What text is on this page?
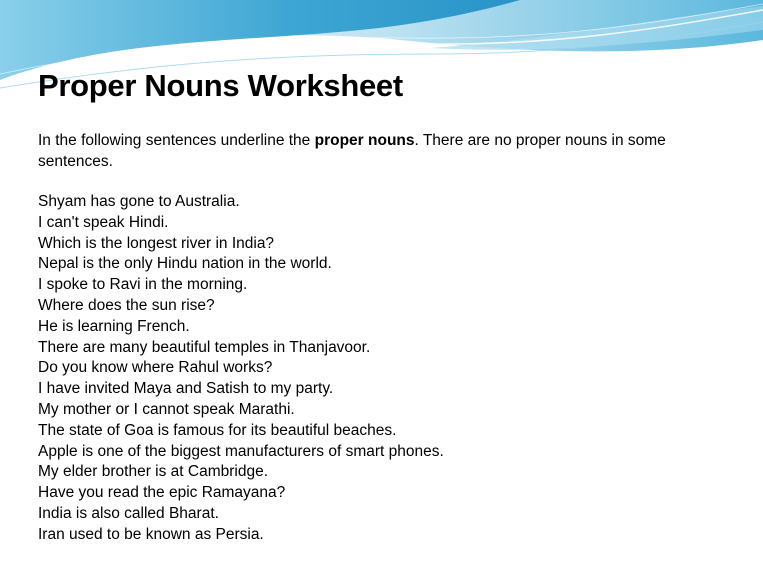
Proper Nouns Worksheet
In the following sentences underline the proper nouns. There are no proper nouns in some sentences.
Shyam has gone to Australia.
I can't speak Hindi.
Which is the longest river in India?
Nepal is the only Hindu nation in the world.
I spoke to Ravi in the morning.
Where does the sun rise?
He is learning French.
There are many beautiful temples in Thanjavoor.
Do you know where Rahul works?
I have invited Maya and Satish to my party.
My mother or I cannot speak Marathi.
The state of Goa is famous for its beautiful beaches.
Apple is one of the biggest manufacturers of smart phones.
My elder brother is at Cambridge.
Have you read the epic Ramayana?
India is also called Bharat.
Iran used to be known as Persia.
